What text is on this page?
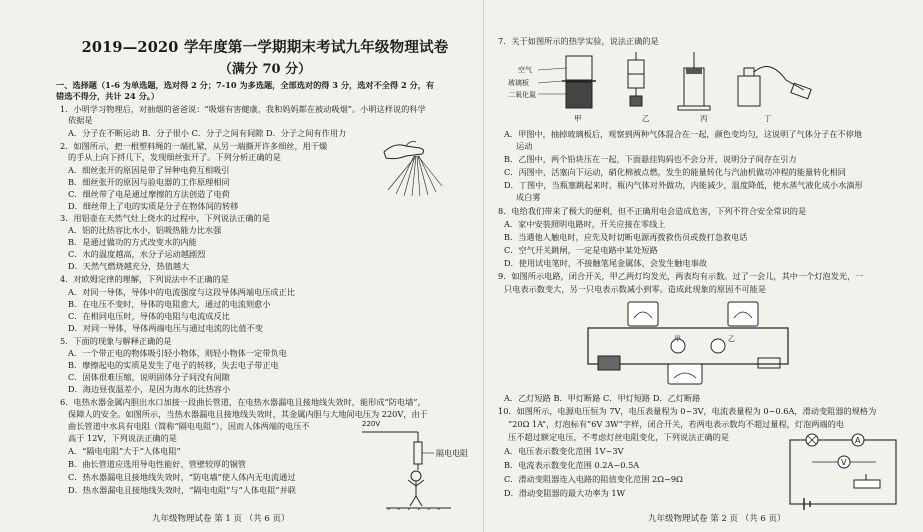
2019—2020 学年度第一学期期末考试九年级物理试卷
（满分 70 分）
一、选择题（1-6 为单选题，选对得 2 分；7-10 为多选题，全部选对的得 3 分，选对不全得 2 分，有
错选不得分，共计 24 分。）
1．小明学习物理后，对抽烟的爸爸说：“吸烟有害健康，我和妈妈都在被动吸烟”。小明这样说的科学
依据是
A．分子在不断运动 B．分子很小 C．分子之间有间隙 D．分子之间有作用力
2．如图所示，把一根塑料绳的一端扎紧，从另一端撕开许多细丝，用干燥
的手从上向下捋几下，发现细丝张开了。下列分析正确的是
A．细丝张开的原因是带了异种电荷互相吸引
B．细丝张开的原因与验电器的工作原理相同
C．细丝带了电是通过摩擦的方法创造了电荷
D．细丝带上了电的实质是分子在物体间的转移
3．用铝壶在天然气灶上烧水的过程中，下列说法正确的是
A．铝的比热容比水小，铝吸热能力比水强
B．是通过做功的方式改变水的内能
C．水的温度越高，水分子运动越剧烈
D．天然气燃烧越充分，热值越大
4．对欧姆定律的理解，下列说法中不正确的是
A．对同一导体，导体中的电流强度与这段导体两端电压成正比
B．在电压不变时，导体的电阻愈大，通过的电流则愈小
C．在相同电压时，导体的电阻与电流成反比
D．对同一导体，导体两端电压与通过电流的比值不变
5．下面的现象与解释正确的是
A．一个带正电的物体吸引轻小物体，则轻小物体一定带负电
B．摩擦起电的实质是发生了电子的转移，失去电子带正电
C．固体很难压缩，说明固体分子间没有间隙
D．海边昼夜温差小，是因为海水的比热容小
6．电热水器金属内胆出水口加接一段曲长管道，在电热水器漏电且接地线失效时，能形成“防电墙”，
保障人的安全。如图所示，当热水器漏电且接地线失效时，其金属内胆与大地间电压为 220V，由于
曲长管道中水具有电阻（简称“隔电电阻”），因而人体两端的电压不
高于 12V，下列说法正确的是
A．“隔电电阻”大于“人体电阻”
B．曲长管道应选用导电性能好、管壁较厚的铜管
C．热水器漏电且接地线失效时，“防电墙”使人体内无电流通过
D．热水器漏电且接地线失效时，“隔电电阻”与“人体电阻”并联
220V
隔电电阻
九年级物理试卷 第 1 页 （共 6 页）
7．关于如图所示的热学实验，说法正确的是
空气
玻璃板
二氧化氮
甲	乙	丙	丁
A．甲图中，抽掉玻璃板后，观察到两种气体混合在一起，颜色变均匀，这说明了气体分子在不停地
运动
B．乙图中，两个铅块压在一起，下面悬挂钩码也不会分开，说明分子间存在引力
C．丙图中，活塞向下运动，硝化棉被点燃，发生的能量转化与汽油机做功冲程的能量转化相同
D．丁图中，当瓶塞跳起来时，瓶内气体对外做功，内能减少，温度降低，使水蒸气液化成小水滴形
成白雾
8．电给我们带来了极大的便利，但不正确用电会造成危害，下列不符合安全常识的是
A．家中安装照明电路时，开关应接在零线上
B．当遇他人触电时，应先及时切断电源再拨救伤员或拨打急救电话
C．空气开关跳闸，一定是电路中某处短路
D．使用试电笔时，不接触笔尾金属体，会发生触电事故
9．如图所示电路，闭合开关，甲乙两灯均发光，两表均有示数。过了一会儿，其中一个灯泡发光，一
只电表示数变大，另一只电表示数减小到零。造成此现象的原因不可能是
甲	乙
A．乙灯短路 B．甲灯断路 C．甲灯短路 D．乙灯断路
10．如图所示，电源电压恒为 7V，电压表量程为 0~3V，电流表量程为 0~0.6A，滑动变阻器的规格为
“20Ω 1A”，灯泡标有“6V 3W”字样，闭合开关，若两电表示数均不超过量程，灯泡两端的电
压不超过额定电压，不考虑灯丝电阻变化，下列说法正确的是
A．电压表示数变化范围 1V~3V
B．电流表示数变化范围 0.2A~0.5A
C．滑动变阻器连入电路的阻值变化范围 2Ω~9Ω
D．滑动变阻器的最大功率为 1W
A
V
九年级物理试卷 第 2 页 （共 6 页）
